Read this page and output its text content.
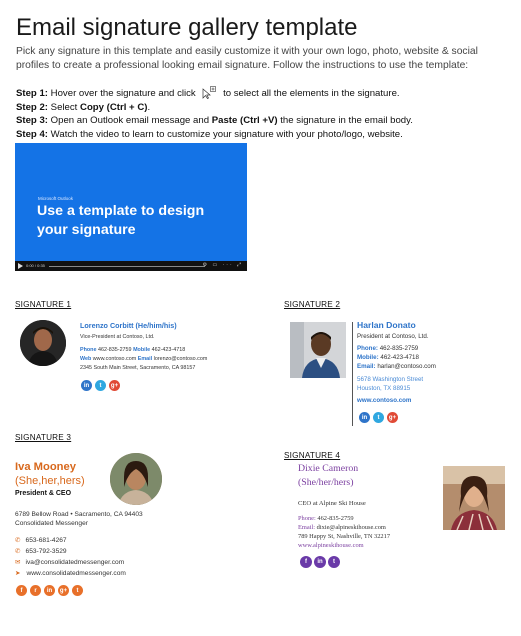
Email signature gallery template
Pick any signature in this template and easily customize it with your own logo, photo, website & social profiles to create a professional looking email signature. Follow the instructions to use the template:
Step 1: Hover over the signature and click	to select all the elements in the signature.
Step 2: Select Copy (Ctrl + C).
Step 3: Open an Outlook email message and Paste (Ctrl +V) the signature in the email body.
Step 4: Watch the video to learn to customize your signature with your photo/logo, website.
Microsoft Outlook
Use a template to design your signature
0:00 / 0:35	⚙ ▭ ··· ⤢
SIGNATURE 1
Lorenzo Corbitt (He/him/his)
Vice-President at Contoso, Ltd.
Phone 462-835-2759 Mobile 462-423-4718
Web www.contoso.com Email lorenzo@contoso.com
2345 South Main Street, Sacramento, CA 98157
in	t	g+
SIGNATURE 2
Harlan Donato
President at Contoso, Ltd.
Phone: 462-835-2759
Mobile: 462-423-4718
Email: harlan@contoso.com
5678 Washington Street
Houston, TX 88915
www.contoso.com
in	t	g+
SIGNATURE 3
Iva Mooney
(She,her,hers)
President & CEO
6789 Bellow Road • Sacramento, CA 94403
Consolidated Messenger
✆ 653-681-4267
✆ 653-792-3529
✉ iva@consolidatedmessenger.com
➤ www.consolidatedmessenger.com
f	r	in	g+	t
SIGNATURE 4
Dixie Cameron
(She/her/hers)
CEO at Alpine Ski House
Phone: 462-835-2759
Email: dixie@alpineskihouse.com
789 Happy St, Nashville, TN 32217
www.alpineskihouse.com
f	in	t
